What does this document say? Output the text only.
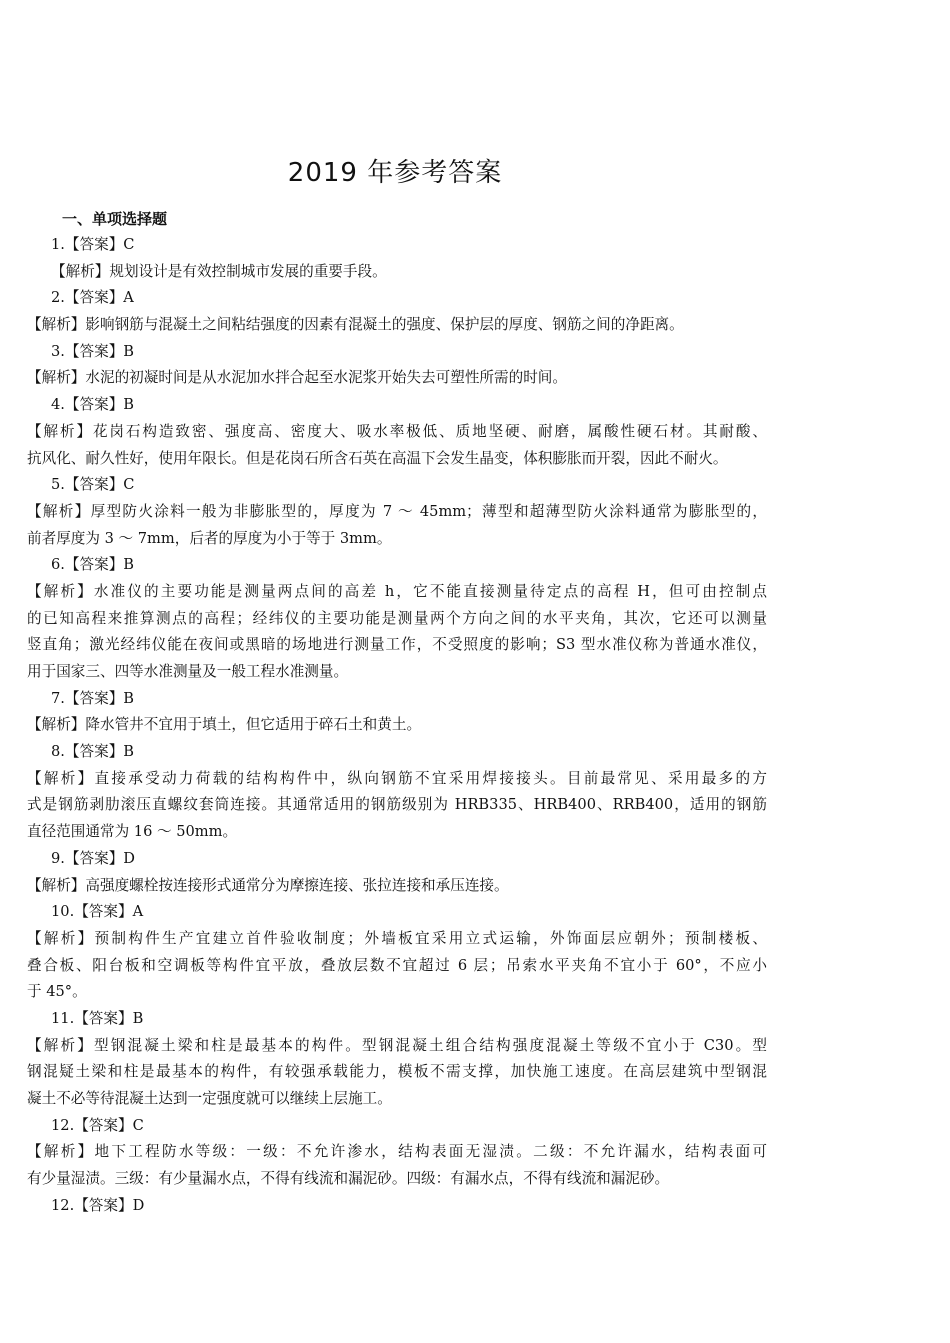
2019 年参考答案
一、单项选择题
1.【答案】C
【解析】规划设计是有效控制城市发展的重要手段。
2.【答案】A
【解析】影响钢筋与混凝土之间粘结强度的因素有混凝土的强度、保护层的厚度、钢筋之间的净距离。
3.【答案】B
【解析】水泥的初凝时间是从水泥加水拌合起至水泥浆开始失去可塑性所需的时间。
4.【答案】B
【解析】花岗石构造致密、强度高、密度大、吸水率极低、质地坚硬、耐磨，属酸性硬石材。其耐酸、
抗风化、耐久性好，使用年限长。但是花岗石所含石英在高温下会发生晶变，体积膨胀而开裂，因此不耐火。
5.【答案】C
【解析】厚型防火涂料一般为非膨胀型的，厚度为 7 ～ 45mm；薄型和超薄型防火涂料通常为膨胀型的，
前者厚度为 3 ～ 7mm，后者的厚度为小于等于 3mm。
6.【答案】B
【解析】水准仪的主要功能是测量两点间的高差 h，它不能直接测量待定点的高程 H，但可由控制点
的已知高程来推算测点的高程；经纬仪的主要功能是测量两个方向之间的水平夹角，其次，它还可以测量
竖直角；激光经纬仪能在夜间或黑暗的场地进行测量工作，不受照度的影响；S3 型水准仪称为普通水准仪，
用于国家三、四等水准测量及一般工程水准测量。
7.【答案】B
【解析】降水管井不宜用于填土，但它适用于碎石土和黄土。
8.【答案】B
【解析】直接承受动力荷载的结构构件中，纵向钢筋不宜采用焊接接头。目前最常见、采用最多的方
式是钢筋剥肋滚压直螺纹套筒连接。其通常适用的钢筋级别为 HRB335、HRB400、RRB400，适用的钢筋
直径范围通常为 16 ～ 50mm。
9.【答案】D
【解析】高强度螺栓按连接形式通常分为摩擦连接、张拉连接和承压连接。
10.【答案】A
【解析】预制构件生产宜建立首件验收制度；外墙板宜采用立式运输，外饰面层应朝外；预制楼板、
叠合板、阳台板和空调板等构件宜平放，叠放层数不宜超过 6 层；吊索水平夹角不宜小于 60°，不应小
于 45°。
11.【答案】B
【解析】型钢混凝土梁和柱是最基本的构件。型钢混凝土组合结构强度混凝土等级不宜小于 C30。型
钢混疑土梁和柱是最基本的构件，有较强承载能力，模板不需支撑，加快施工速度。在高层建筑中型钢混
凝土不必等待混凝土达到一定强度就可以继续上层施工。
12.【答案】C
【解析】地下工程防水等级：一级：不允许渗水，结构表面无湿渍。二级：不允许漏水，结构表面可
有少量湿渍。三级：有少量漏水点，不得有线流和漏泥砂。四级：有漏水点，不得有线流和漏泥砂。
12.【答案】D
